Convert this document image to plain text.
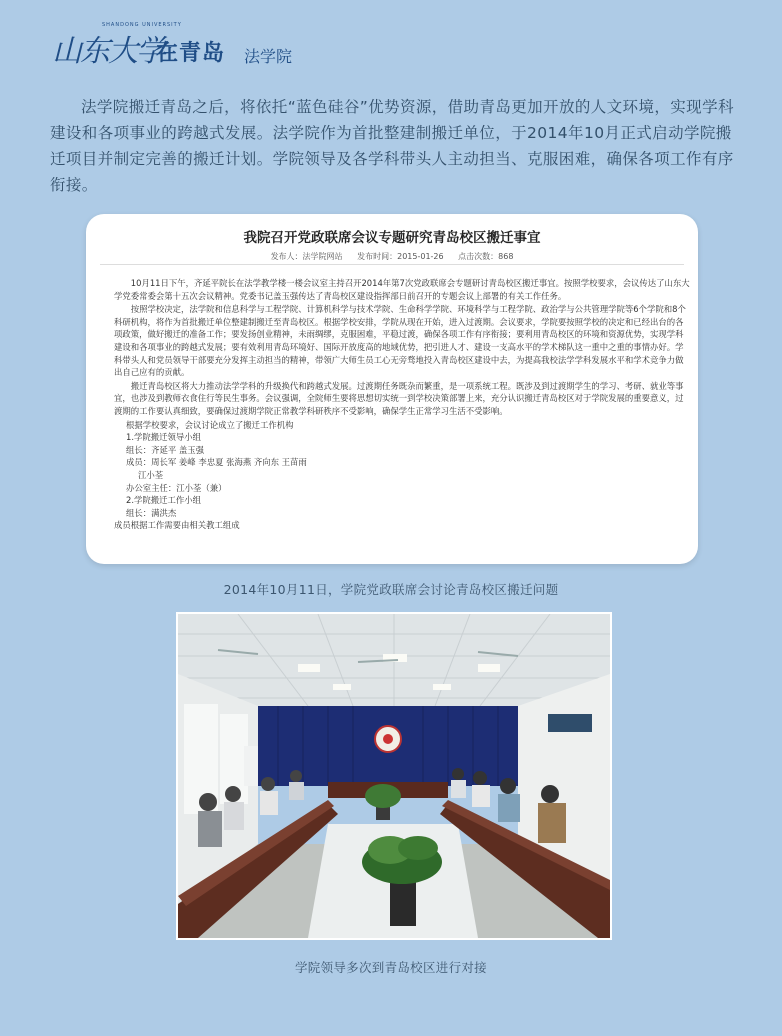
SHANDONG UNIVERSITY
山东大学
在青岛 法学院

法学院搬迁青岛之后，将依托“蓝色硅谷”优势资源，借助青岛更加开放的人文环境，实现学科建设和各项事业的跨越式发展。法学院作为首批整建制搬迁单位，于2014年10月正式启动学院搬迁项目并制定完善的搬迁计划。学院领导及各学科带头人主动担当、克服困难，确保各项工作有序衔接。

我院召开党政联席会议专题研究青岛校区搬迁事宜
发布人：法学院网站 发布时间：2015-01-26 点击次数：868

10月11日下午，齐延平院长在法学教学楼一楼会议室主持召开2014年第7次党政联席会专题研讨青岛校区搬迁事宜。按照学校要求，会议传达了山东大学党委常委会第十五次会议精神。党委书记盖玉强传达了青岛校区建设指挥部日前召开的专题会议上部署的有关工作任务。

按照学校决定，法学院和信息科学与工程学院、计算机科学与技术学院、生命科学学院、环境科学与工程学院、政治学与公共管理学院等6个学院和8个科研机构，将作为首批搬迁单位整建制搬迁至青岛校区。根据学校安排，学院从现在开始，进入过渡期。会议要求，学院要按照学校的决定和已经出台的各项政策，做好搬迁的准备工作；要发扬创业精神，未雨绸缪，克服困难，平稳过渡，确保各项工作有序衔接；要利用青岛校区的环境和资源优势，实现学科建设和各项事业的跨越式发展；要有效利用青岛环境好、国际开放度高的地域优势，把引进人才、建设一支高水平的学术梯队这一重中之重的事情办好。学科带头人和党员领导干部要充分发挥主动担当的精神，带领广大师生员工心无旁骛地投入青岛校区建设中去，为提高我校法学学科发展水平和学术竞争力做出自己应有的贡献。

搬迁青岛校区将大力推动法学学科的升级换代和跨越式发展。过渡期任务既杂而繁重，是一项系统工程。既涉及到过渡期学生的学习、考研、就业等事宜，也涉及到教师衣食住行等民生事务。会议强调，全院师生要将思想切实统一到学校决策部署上来，充分认识搬迁青岛校区对于学院发展的重要意义，过渡期的工作要认真细致，要确保过渡期学院正常教学科研秩序不受影响，确保学生正常学习生活不受影响。

根据学校要求，会议讨论成立了搬迁工作机构
1.学院搬迁领导小组
组长：齐延平 盖玉强
成员：周长军 姜峰 李忠夏 张海燕 齐向东 王苗雨
江小荃
办公室主任：江小荃（兼）
2.学院搬迁工作小组
组长：满洪杰
成员根据工作需要由相关教工组成
2014年10月11日，学院党政联席会讨论青岛校区搬迁问题
学院领导多次到青岛校区进行对接
